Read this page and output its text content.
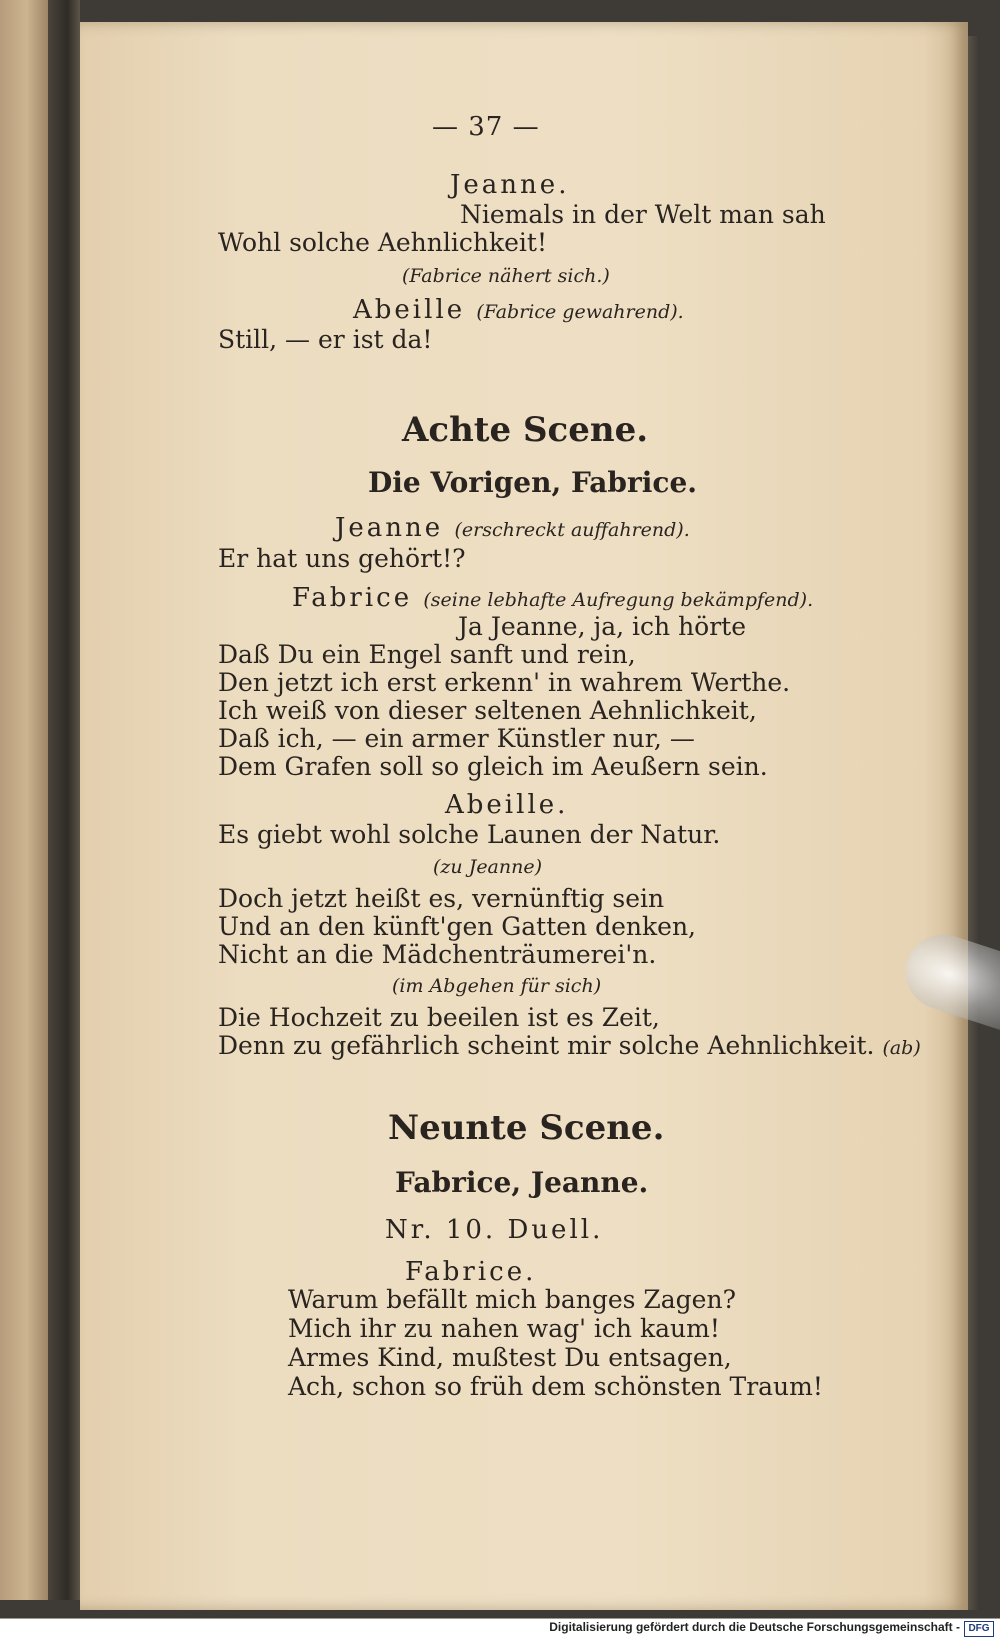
— 37 —
Jeanne.
Niemals in der Welt man sah
Wohl solche Aehnlichkeit!
(Fabrice nähert sich.)
Abeille (Fabrice gewahrend).
Still, — er ist da!
Achte Scene.
Die Vorigen, Fabrice.
Jeanne (erschreckt auffahrend).
Er hat uns gehört!?
Fabrice (seine lebhafte Aufregung bekämpfend).
Ja Jeanne, ja, ich hörte
Daß Du ein Engel sanft und rein,
Den jetzt ich erst erkenn' in wahrem Werthe.
Ich weiß von dieser seltenen Aehnlichkeit,
Daß ich, — ein armer Künstler nur, —
Dem Grafen soll so gleich im Aeußern sein.
Abeille.
Es giebt wohl solche Launen der Natur.
(zu Jeanne)
Doch jetzt heißt es, vernünftig sein
Und an den künft'gen Gatten denken,
Nicht an die Mädchenträumerei'n.
(im Abgehen für sich)
Die Hochzeit zu beeilen ist es Zeit,
Denn zu gefährlich scheint mir solche Aehnlichkeit. (ab)
Neunte Scene.
Fabrice, Jeanne.
Nr. 10. Duell.
Fabrice.
Warum befällt mich banges Zagen?
Mich ihr zu nahen wag' ich kaum!
Armes Kind, mußtest Du entsagen,
Ach, schon so früh dem schönsten Traum!
Digitalisierung gefördert durch die Deutsche Forschungsgemeinschaft - DFG
